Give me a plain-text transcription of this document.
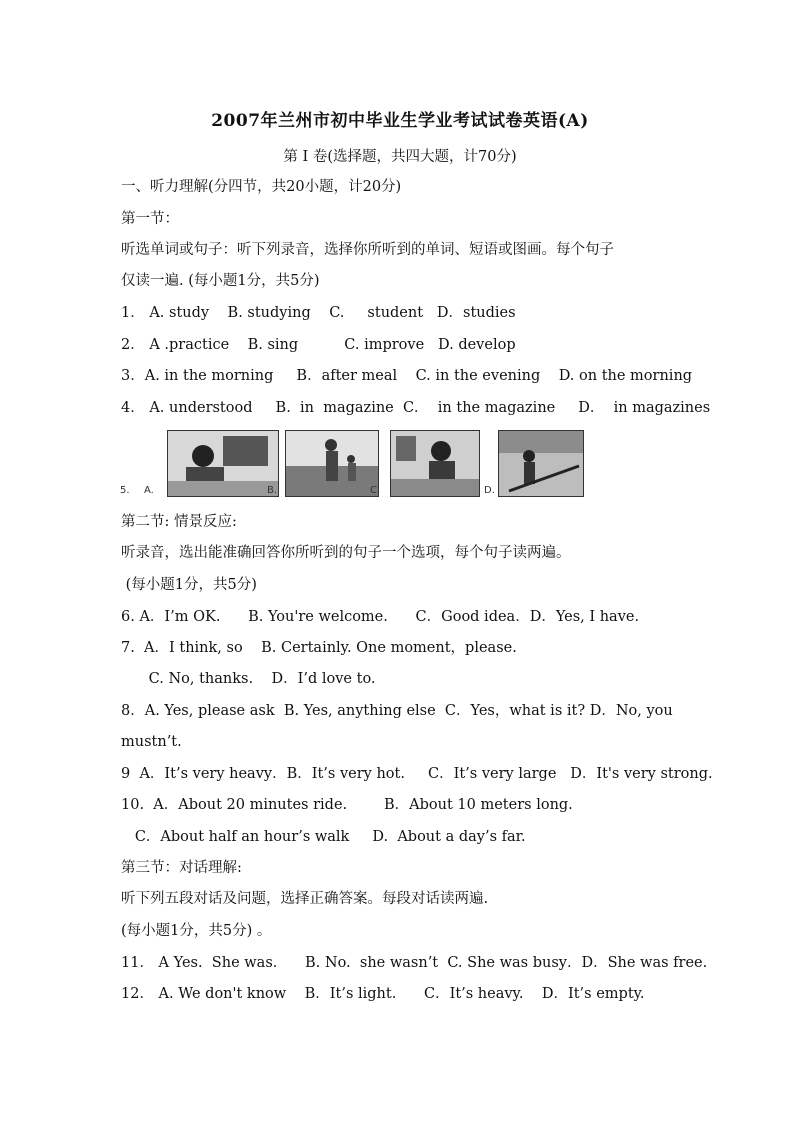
2007年兰州市初中毕业生学业考试试卷英语(A)
第 I 卷(选择题，共四大题，计70分)
一、听力理解(分四节，共20小题，计20分)
第一节：
听选单词或句子：听下列录音，选择你所听到的单词、短语或图画。每个句子
仅读一遍. (每小题1分，共5分)
1． A. study    B. studying    C.     student   D．studies
2． A .practice    B. sing          C. improve   D. develop
3．A. in the morning     B．after meal    C. in the evening    D. on the morning
4． A. understood     B.  in  magazine  C．  in the magazine     D．  in magazines
5. A.	B.	C.	D.
第二节: 情景反应:
听录音，选出能准确回答你所听到的句子一个选项，每个句子读两遍。
(每小题1分，共5分)
6. A．I’m OK.      B. You're welcome.      C．Good idea．D．Yes, I have.
7.  A．I think, so    B. Certainly. One moment，please.
C. No, thanks.    D．I’d love to.
8．A. Yes, please ask  B. Yes, anything else  C．Yes，what is it? D．No, you
mustn’t.
9  A．It’s very heavy．B．It’s very hot.     C．It’s very large   D．It's very strong.
10.  A．About 20 minutes ride.        B．About 10 meters long.
C．About half an hour’s walk     D.  About a day’s far.
第三节：对话理解:
听下列五段对话及问题，选择正确答案。每段对话读两遍.
(每小题1分，共5分) 。
11． A Yes.  She was.      B. No.  she wasn’t  C. She was busy．D．She was free.
12． A. We don't know    B．It’s light.      C．It’s heavy.    D．It’s empty.
